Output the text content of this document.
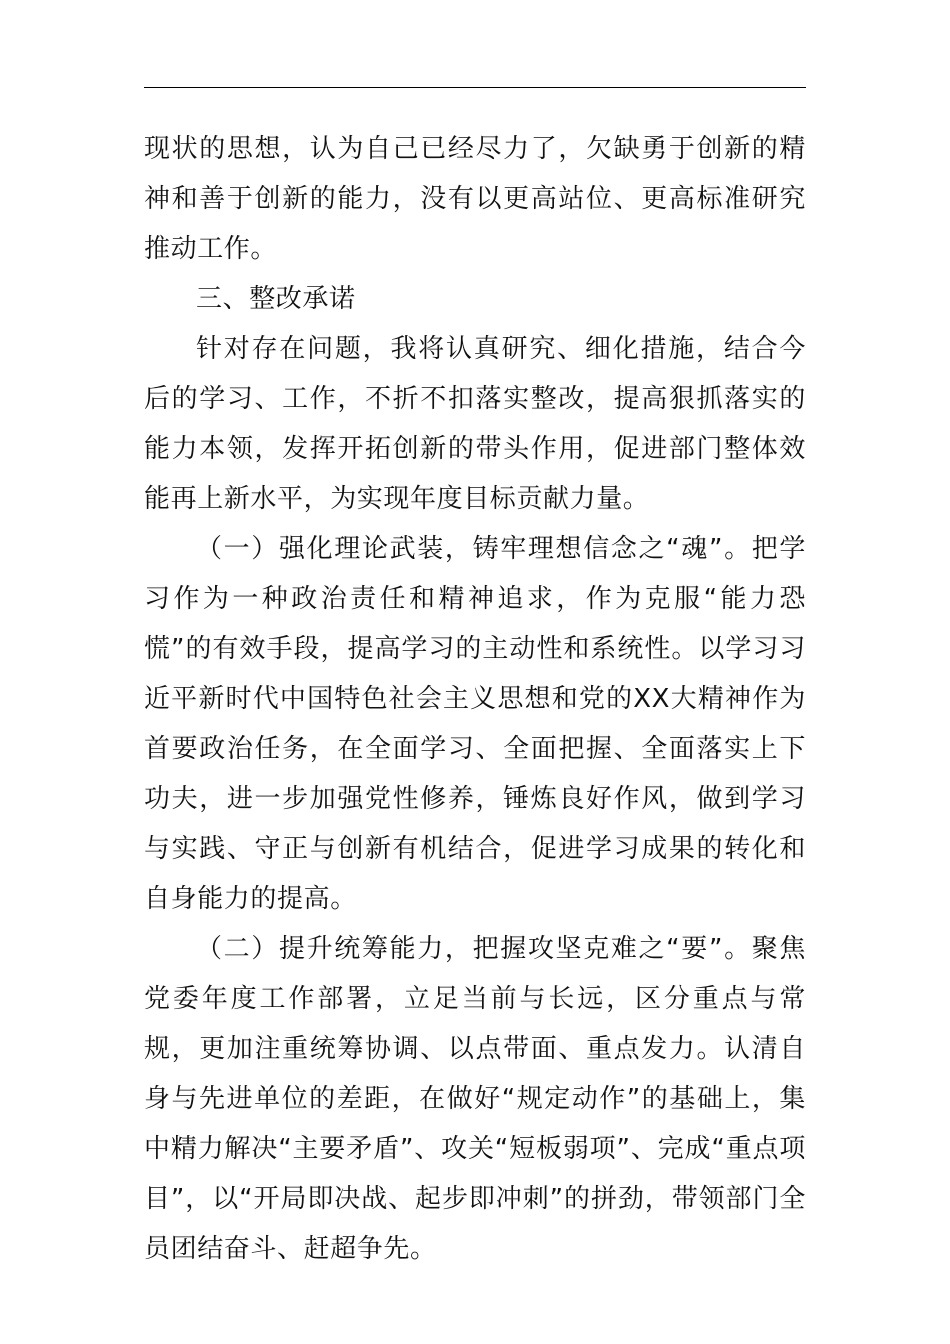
现状的思想，认为自己已经尽力了，欠缺勇于创新的精神和善于创新的能力，没有以更高站位、更高标准研究推动工作。

三、整改承诺

针对存在问题，我将认真研究、细化措施，结合今后的学习、工作，不折不扣落实整改，提高狠抓落实的能力本领，发挥开拓创新的带头作用，促进部门整体效能再上新水平，为实现年度目标贡献力量。

（一）强化理论武装，铸牢理想信念之“魂”。把学习作为一种政治责任和精神追求，作为克服“能力恐慌”的有效手段，提高学习的主动性和系统性。以学习习近平新时代中国特色社会主义思想和党的XX大精神作为首要政治任务，在全面学习、全面把握、全面落实上下功夫，进一步加强党性修养，锤炼良好作风，做到学习与实践、守正与创新有机结合，促进学习成果的转化和自身能力的提高。

（二）提升统筹能力，把握攻坚克难之“要”。聚焦党委年度工作部署，立足当前与长远，区分重点与常规，更加注重统筹协调、以点带面、重点发力。认清自身与先进单位的差距，在做好“规定动作”的基础上，集中精力解决“主要矛盾”、攻关“短板弱项”、完成“重点项目”，以“开局即决战、起步即冲刺”的拼劲，带领部门全员团结奋斗、赶超争先。
